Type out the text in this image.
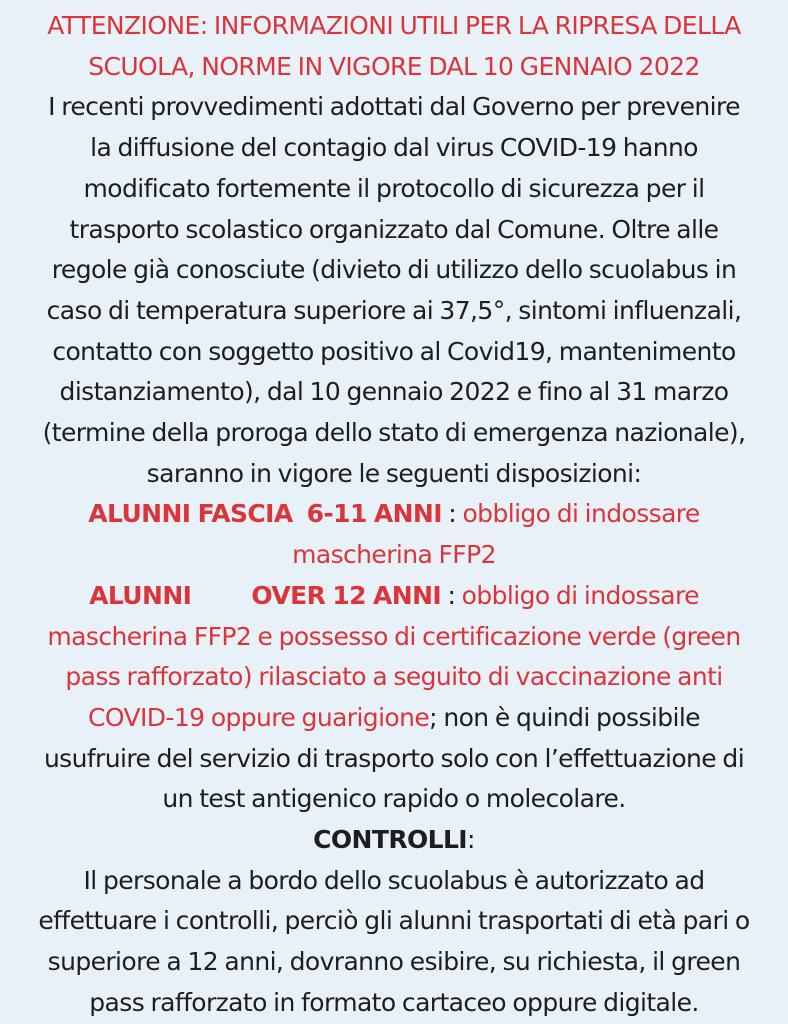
ATTENZIONE: INFORMAZIONI UTILI PER LA RIPRESA DELLA
SCUOLA, NORME IN VIGORE DAL 10 GENNAIO 2022
I recenti provvedimenti adottati dal Governo per prevenire
la diffusione del contagio dal virus COVID-19 hanno
modificato fortemente il protocollo di sicurezza per il
trasporto scolastico organizzato dal Comune. Oltre alle
regole già conosciute (divieto di utilizzo dello scuolabus in
caso di temperatura superiore ai 37,5°, sintomi influenzali,
contatto con soggetto positivo al Covid19, mantenimento
distanziamento), dal 10 gennaio 2022 e fino al 31 marzo
(termine della proroga dello stato di emergenza nazionale),
saranno in vigore le seguenti disposizioni:
ALUNNI FASCIA 6-11 ANNI : obbligo di indossare
mascherina FFP2
ALUNNI OVER 12 ANNI : obbligo di indossare
mascherina FFP2 e possesso di certificazione verde (green
pass rafforzato) rilasciato a seguito di vaccinazione anti
COVID-19 oppure guarigione; non è quindi possibile
usufruire del servizio di trasporto solo con l’effettuazione di
un test antigenico rapido o molecolare.
CONTROLLI:
Il personale a bordo dello scuolabus è autorizzato ad
effettuare i controlli, perciò gli alunni trasportati di età pari o
superiore a 12 anni, dovranno esibire, su richiesta, il green
pass rafforzato in formato cartaceo oppure digitale.
